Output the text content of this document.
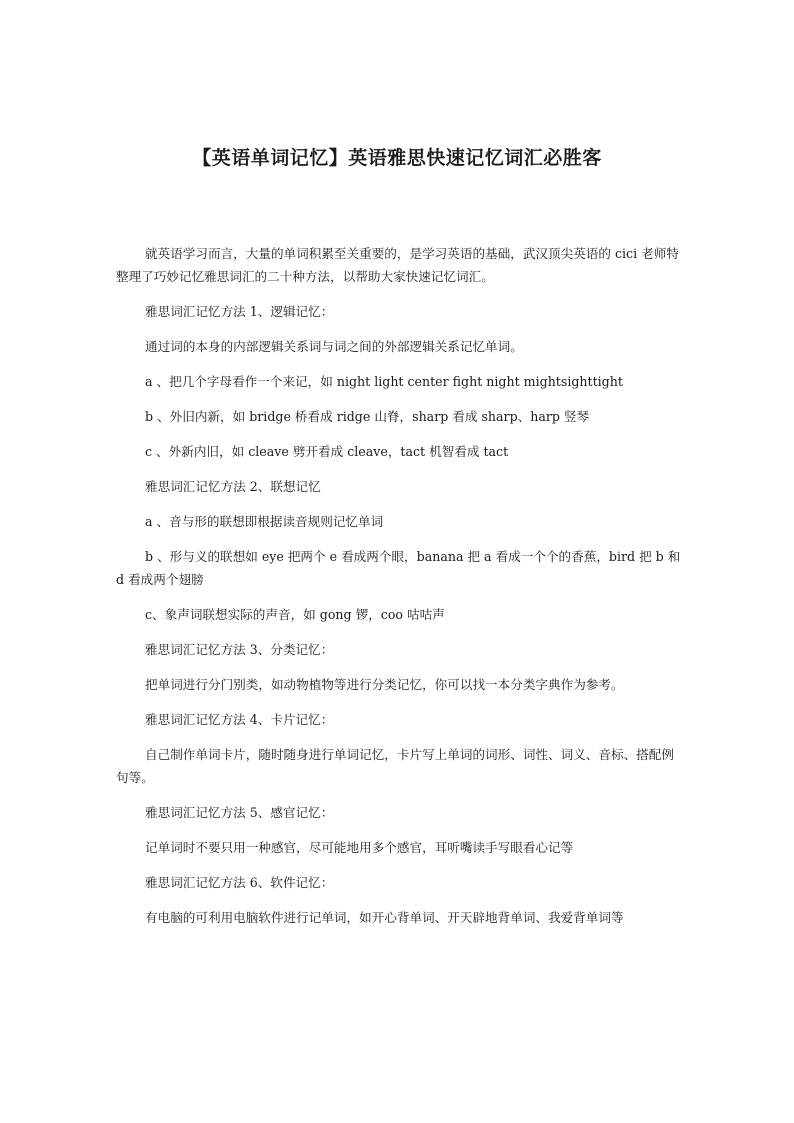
【英语单词记忆】英语雅思快速记忆词汇必胜客

就英语学习而言，大量的单词积累至关重要的，是学习英语的基础，武汉顶尖英语的 cici 老师特整理了巧妙记忆雅思词汇的二十种方法，以帮助大家快速记忆词汇。

雅思词汇记忆方法 1、逻辑记忆：

通过词的本身的内部逻辑关系词与词之间的外部逻辑关系记忆单词。

a 、把几个字母看作一个来记，如 night light center fight night mightsighttight

b 、外旧内新，如 bridge 桥看成 ridge 山脊，sharp 看成 sharp、harp 竖琴

c 、外新内旧，如 cleave 劈开看成 cleave，tact 机智看成 tact

雅思词汇记忆方法 2、联想记忆

a 、音与形的联想即根据读音规则记忆单词

b 、形与义的联想如 eye 把两个 e 看成两个眼，banana 把 a 看成一个个的香蕉，bird 把 b 和 d 看成两个翅膀

c、象声词联想实际的声音，如 gong 锣，coo 咕咕声

雅思词汇记忆方法 3、分类记忆：

把单词进行分门别类，如动物植物等进行分类记忆，你可以找一本分类字典作为参考。

雅思词汇记忆方法 4、卡片记忆：

自己制作单词卡片，随时随身进行单词记忆，卡片写上单词的词形、词性、词义、音标、搭配例句等。

雅思词汇记忆方法 5、感官记忆：

记单词时不要只用一种感官，尽可能地用多个感官，耳听嘴读手写眼看心记等

雅思词汇记忆方法 6、软件记忆：

有电脑的可利用电脑软件进行记单词，如开心背单词、开天辟地背单词、我爱背单词等
